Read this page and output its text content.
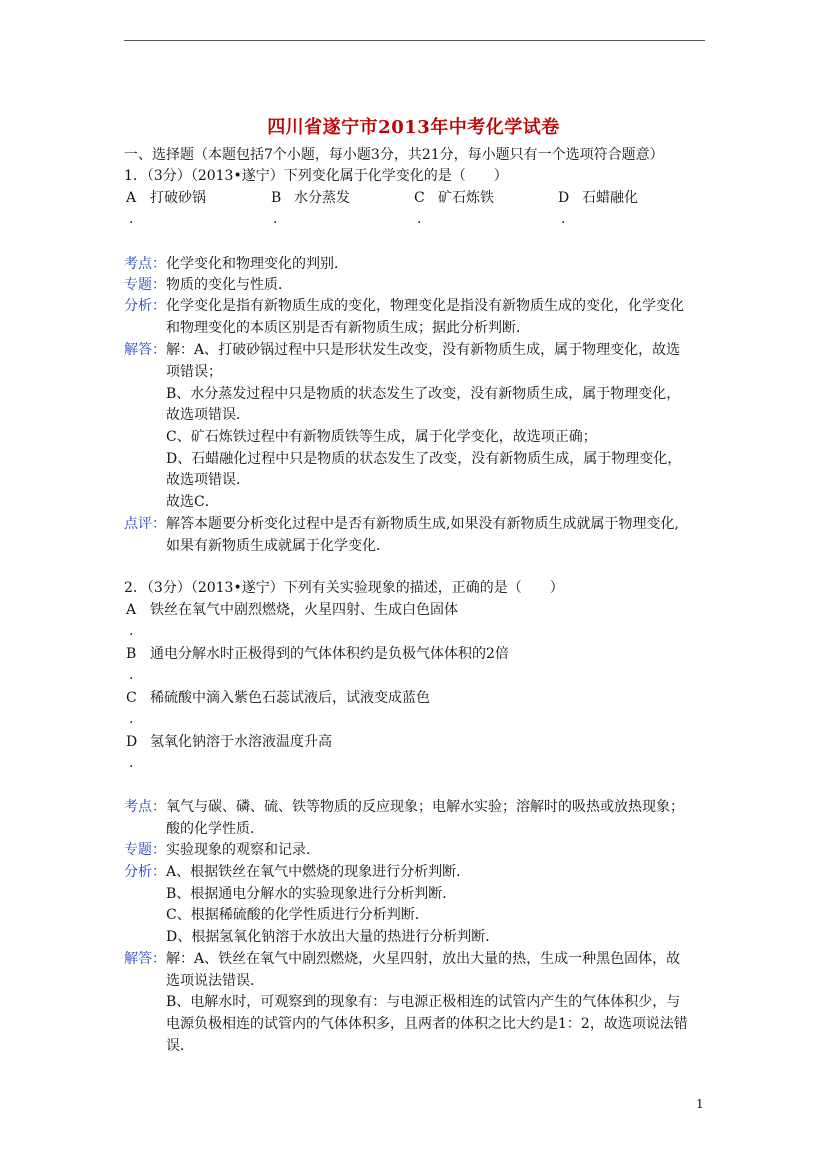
四川省遂宁市2013年中考化学试卷
一、选择题（本题包括7个小题，每小题3分，共21分，每小题只有一个选项符合题意）
1．（3分）（2013•遂宁）下列变化属于化学变化的是（　　）
A 打破砂锅	B 水分蒸发	C 矿石炼铁	D 石蜡融化
.	.	.	.
考点： 化学变化和物理变化的判别．
专题： 物质的变化与性质．
分析： 化学变化是指有新物质生成的变化，物理变化是指没有新物质生成的变化，化学变化
和物理变化的本质区别是否有新物质生成；据此分析判断．
解答： 解：A、打破砂锅过程中只是形状发生改变，没有新物质生成，属于物理变化，故选
项错误；
B、水分蒸发过程中只是物质的状态发生了改变，没有新物质生成，属于物理变化，
故选项错误．
C、矿石炼铁过程中有新物质铁等生成，属于化学变化，故选项正确；
D、石蜡融化过程中只是物质的状态发生了改变，没有新物质生成，属于物理变化，
故选项错误．
故选C．
点评： 解答本题要分析变化过程中是否有新物质生成,如果没有新物质生成就属于物理变化,
如果有新物质生成就属于化学变化．
2．（3分）（2013•遂宁）下列有关实验现象的描述，正确的是（　　）
A 铁丝在氧气中剧烈燃烧，火星四射、生成白色固体
.
B 通电分解水时正极得到的气体体积约是负极气体体积的2倍
.
C 稀硫酸中滴入紫色石蕊试液后，试液变成蓝色
.
D 氢氧化钠溶于水溶液温度升高
.
考点： 氧气与碳、磷、硫、铁等物质的反应现象；电解水实验；溶解时的吸热或放热现象；
酸的化学性质．
专题： 实验现象的观察和记录．
分析： A、根据铁丝在氧气中燃烧的现象进行分析判断．
B、根据通电分解水的实验现象进行分析判断．
C、根据稀硫酸的化学性质进行分析判断．
D、根据氢氧化钠溶于水放出大量的热进行分析判断．
解答： 解：A、铁丝在氧气中剧烈燃烧，火星四射，放出大量的热，生成一种黑色固体，故
选项说法错误．
B、电解水时，可观察到的现象有：与电源正极相连的试管内产生的气体体积少，与
电源负极相连的试管内的气体体积多，且两者的体积之比大约是1：2，故选项说法错
误．
1
